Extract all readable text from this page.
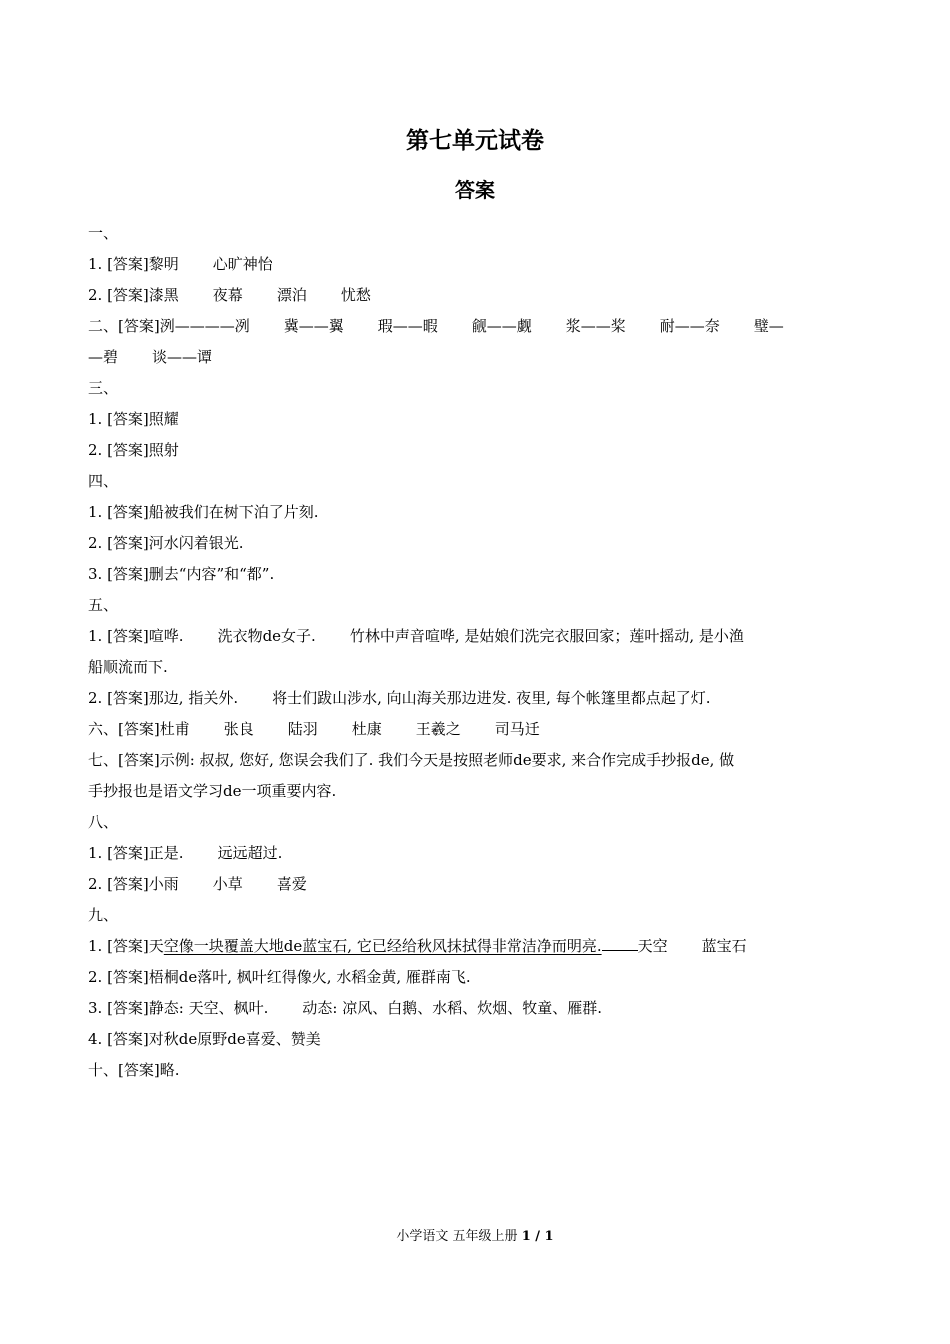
第七单元试卷
答案
一、
1. [答案]黎明 心旷神怡
2. [答案]漆黑 夜幕 漂泊 忧愁
二、[答案]洌————冽 冀——翼 瑕——暇 觎——觑 浆——桨 耐——奈 璧—
—碧 谈——谭
三、
1. [答案]照耀
2. [答案]照射
四、
1. [答案]船被我们在树下泊了片刻.
2. [答案]河水闪着银光.
3. [答案]删去“内容”和“都”.
五、
1. [答案]喧哗. 洗衣物de女子. 竹林中声音喧哗, 是姑娘们洗完衣服回家；莲叶摇动, 是小渔
船顺流而下.
2. [答案]那边, 指关外. 将士们跋山涉水, 向山海关那边进发. 夜里, 每个帐篷里都点起了灯.
六、[答案]杜甫 张良 陆羽 杜康 王羲之 司马迁
七、[答案]示例: 叔叔, 您好, 您误会我们了. 我们今天是按照老师de要求, 来合作完成手抄报de, 做
手抄报也是语文学习de一项重要内容.
八、
1. [答案]正是. 远远超过.
2. [答案]小雨 小草 喜爱
九、
1. [答案]天空像一块覆盖大地de蓝宝石, 它已经给秋风抹拭得非常洁净而明亮. 天空 蓝宝石
2. [答案]梧桐de落叶, 枫叶红得像火, 水稻金黄, 雁群南飞.
3. [答案]静态: 天空、枫叶. 动态: 凉风、白鹅、水稻、炊烟、牧童、雁群.
4. [答案]对秋de原野de喜爱、赞美
十、[答案]略.
小学语文 五年级上册 1 / 1
